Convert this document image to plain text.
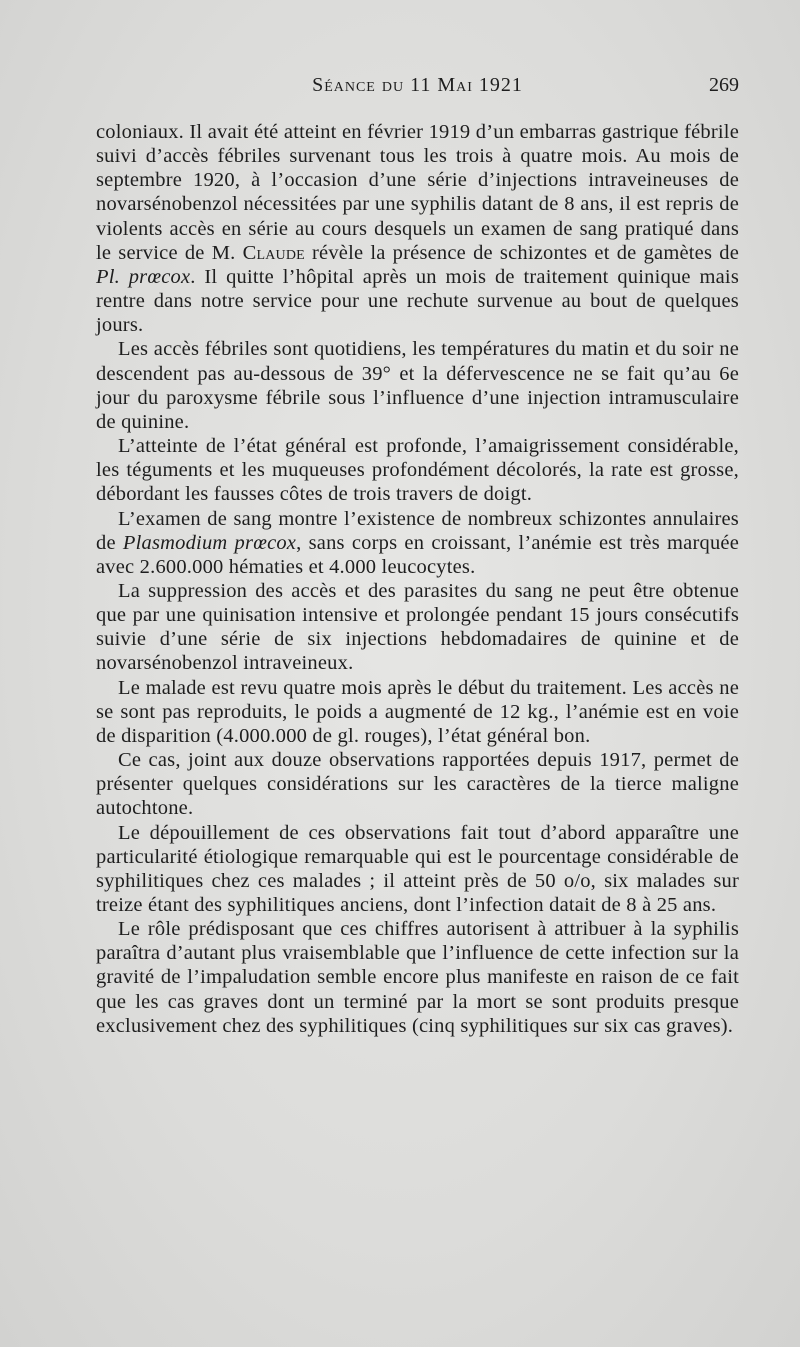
Séance du 11 Mai 1921	269

coloniaux. Il avait été atteint en février 1919 d’un embarras gastrique fébrile suivi d’accès fébriles survenant tous les trois à quatre mois. Au mois de septembre 1920, à l’occasion d’une série d’injections intraveineuses de novarsénobenzol nécessitées par une syphilis datant de 8 ans, il est repris de violents accès en série au cours desquels un examen de sang pratiqué dans le service de M. Claude révèle la présence de schizontes et de gamètes de Pl. prœcox. Il quitte l’hôpital après un mois de traitement quinique mais rentre dans notre service pour une rechute survenue au bout de quelques jours.

Les accès fébriles sont quotidiens, les températures du matin et du soir ne descendent pas au-dessous de 39° et la défervescence ne se fait qu’au 6e jour du paroxysme fébrile sous l’influence d’une injection intramusculaire de quinine.

L’atteinte de l’état général est profonde, l’amaigrissement considérable, les téguments et les muqueuses profondément décolorés, la rate est grosse, débordant les fausses côtes de trois travers de doigt.

L’examen de sang montre l’existence de nombreux schizontes annulaires de Plasmodium prœcox, sans corps en croissant, l’anémie est très marquée avec 2.600.000 hématies et 4.000 leucocytes.

La suppression des accès et des parasites du sang ne peut être obtenue que par une quinisation intensive et prolongée pendant 15 jours consécutifs suivie d’une série de six injections hebdomadaires de quinine et de novarsénobenzol intraveineux.

Le malade est revu quatre mois après le début du traitement. Les accès ne se sont pas reproduits, le poids a augmenté de 12 kg., l’anémie est en voie de disparition (4.000.000 de gl. rouges), l’état général bon.

Ce cas, joint aux douze observations rapportées depuis 1917, permet de présenter quelques considérations sur les caractères de la tierce maligne autochtone.

Le dépouillement de ces observations fait tout d’abord apparaître une particularité étiologique remarquable qui est le pourcentage considérable de syphilitiques chez ces malades ; il atteint près de 50 o/o, six malades sur treize étant des syphilitiques anciens, dont l’infection datait de 8 à 25 ans.

Le rôle prédisposant que ces chiffres autorisent à attribuer à la syphilis paraîtra d’autant plus vraisemblable que l’influence de cette infection sur la gravité de l’impaludation semble encore plus manifeste en raison de ce fait que les cas graves dont un terminé par la mort se sont produits presque exclusivement chez des syphilitiques (cinq syphilitiques sur six cas graves).
